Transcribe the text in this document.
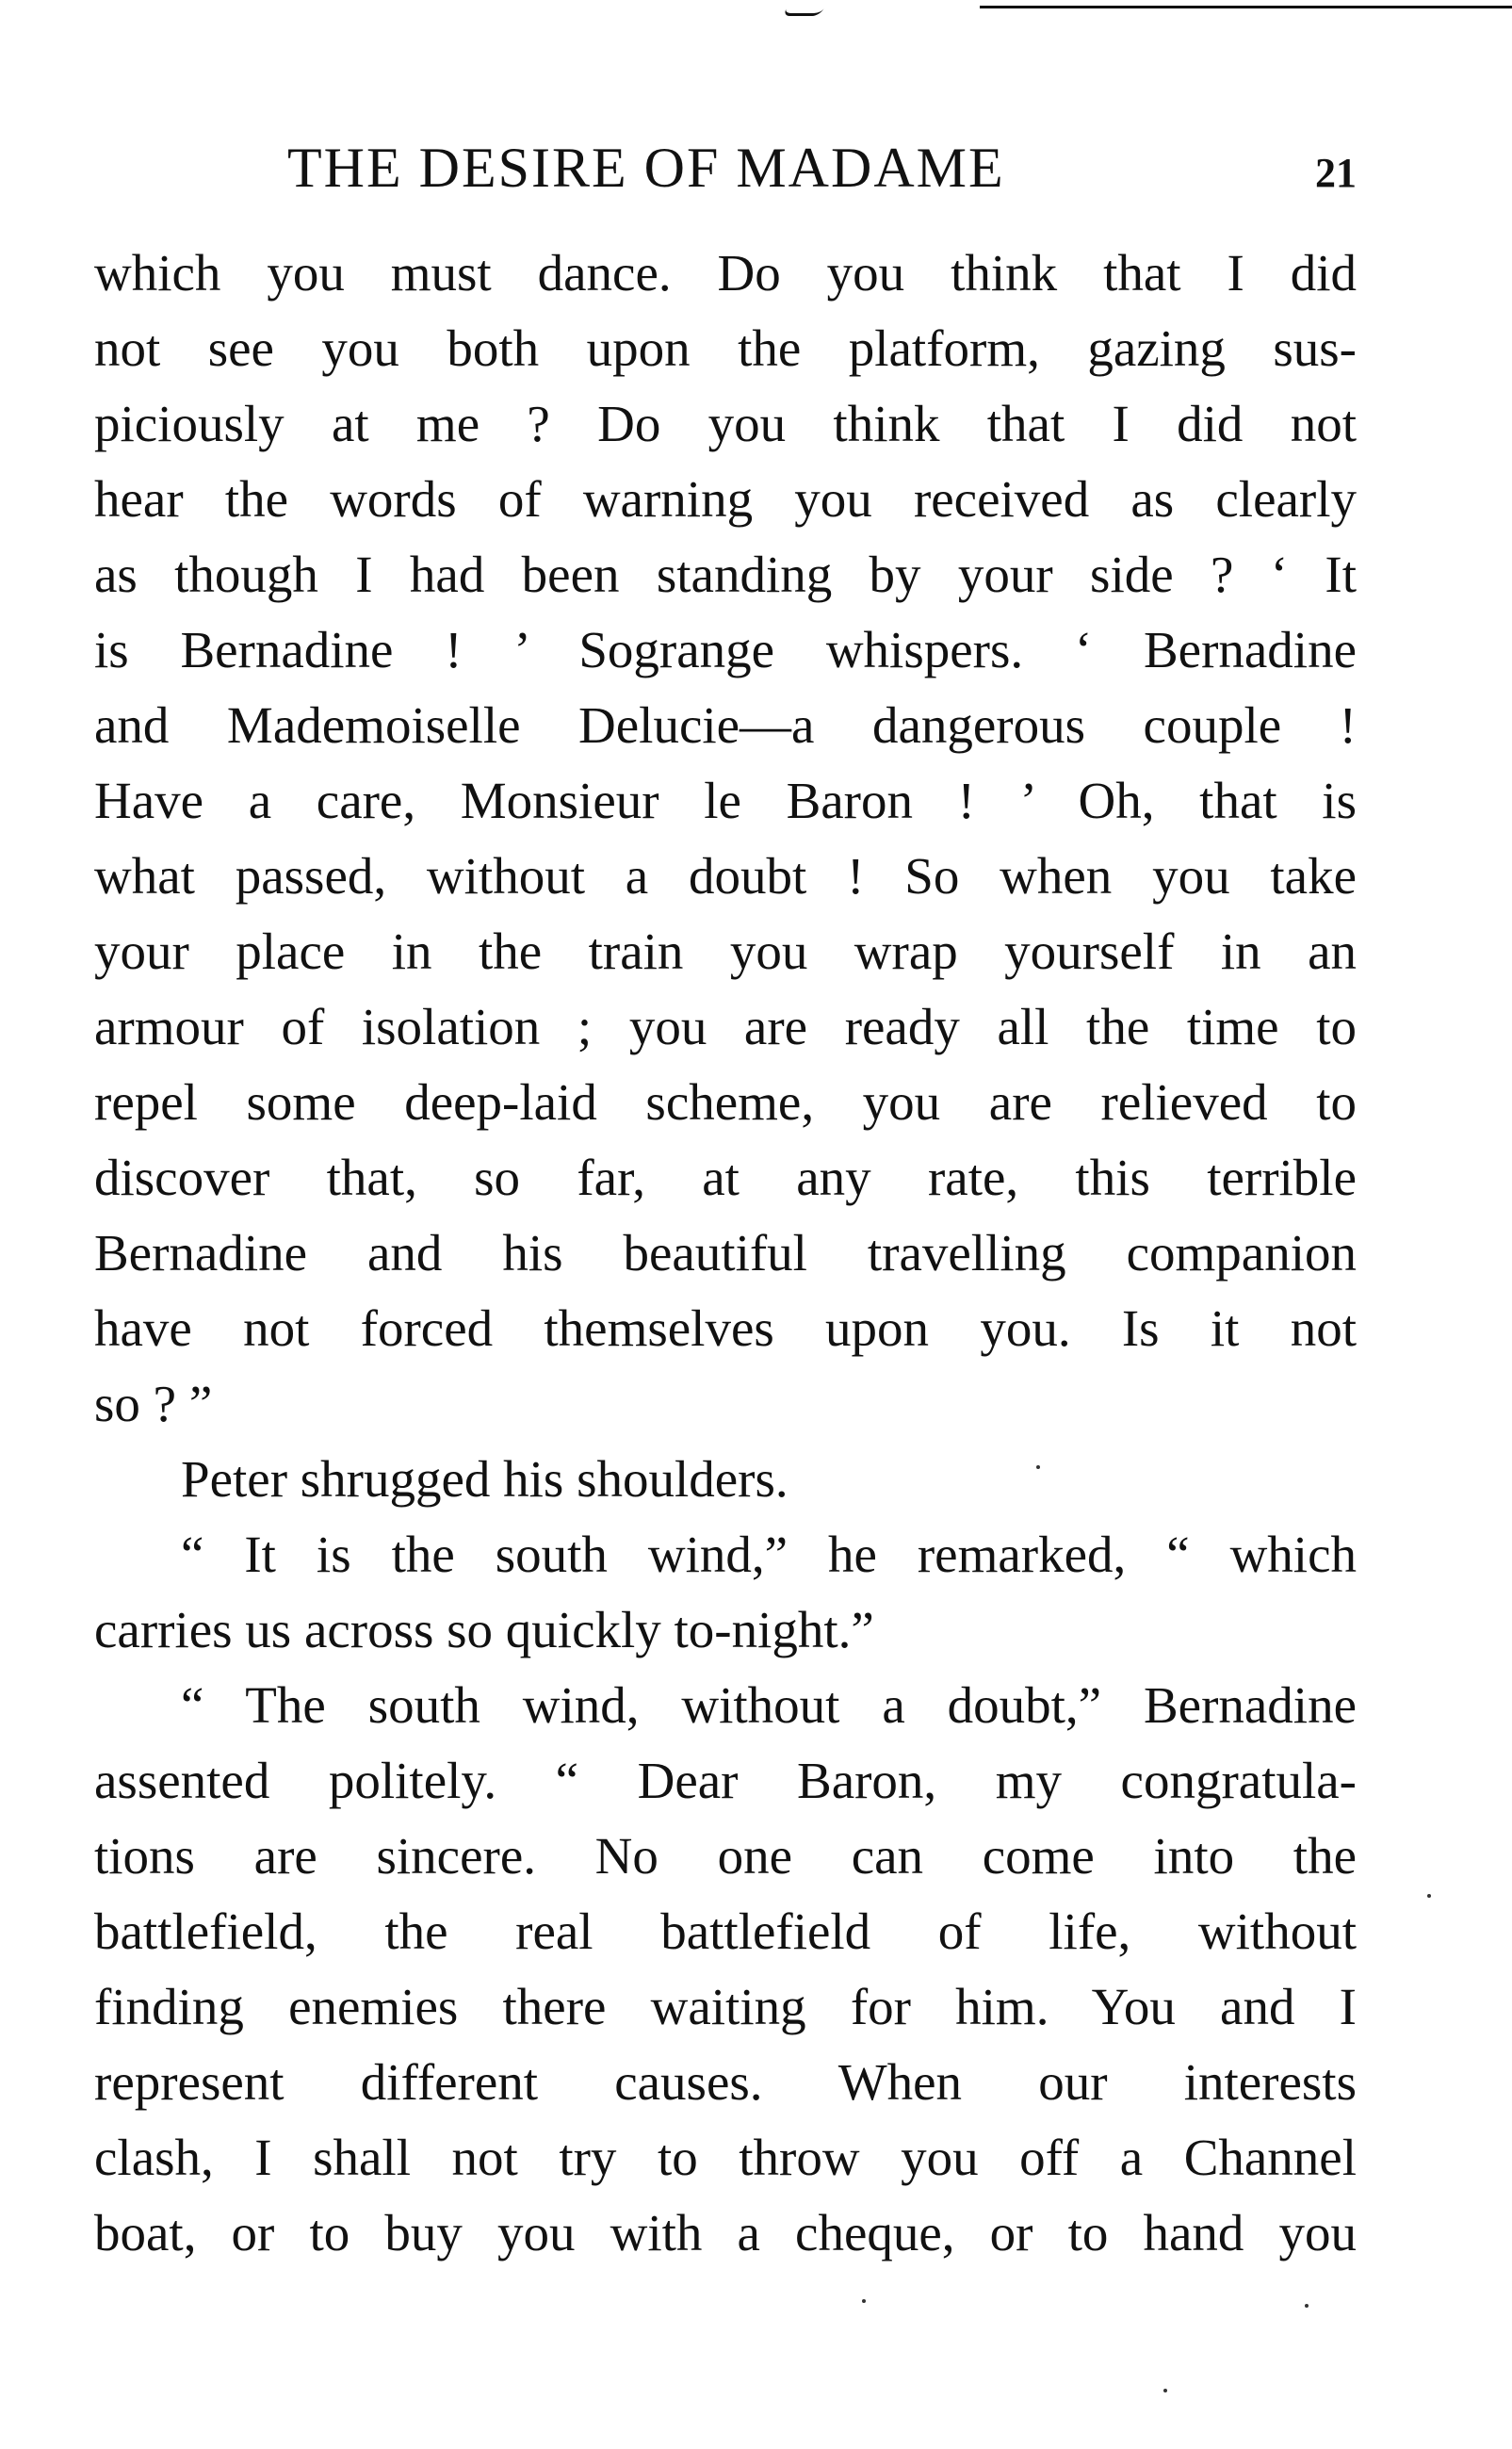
THE DESIRE OF MADAME	21
which you must dance. Do you think that I did
not see you both upon the platform, gazing sus-
piciously at me ? Do you think that I did not
hear the words of warning you received as clearly
as though I had been standing by your side ? ‘ It
is Bernadine ! ’ Sogrange whispers. ‘ Bernadine
and Mademoiselle Delucie—a dangerous couple !
Have a care, Monsieur le Baron ! ’ Oh, that is
what passed, without a doubt ! So when you take
your place in the train you wrap yourself in an
armour of isolation ; you are ready all the time to
repel some deep-laid scheme, you are relieved to
discover that, so far, at any rate, this terrible
Bernadine and his beautiful travelling companion
have not forced themselves upon you. Is it not
so ? ”
Peter shrugged his shoulders.
“ It is the south wind,” he remarked, “ which
carries us across so quickly to-night.”
“ The south wind, without a doubt,” Bernadine
assented politely. “ Dear Baron, my congratula-
tions are sincere. No one can come into the
battlefield, the real battlefield of life, without
finding enemies there waiting for him. You and I
represent different causes. When our interests
clash, I shall not try to throw you off a Channel
boat, or to buy you with a cheque, or to hand you
